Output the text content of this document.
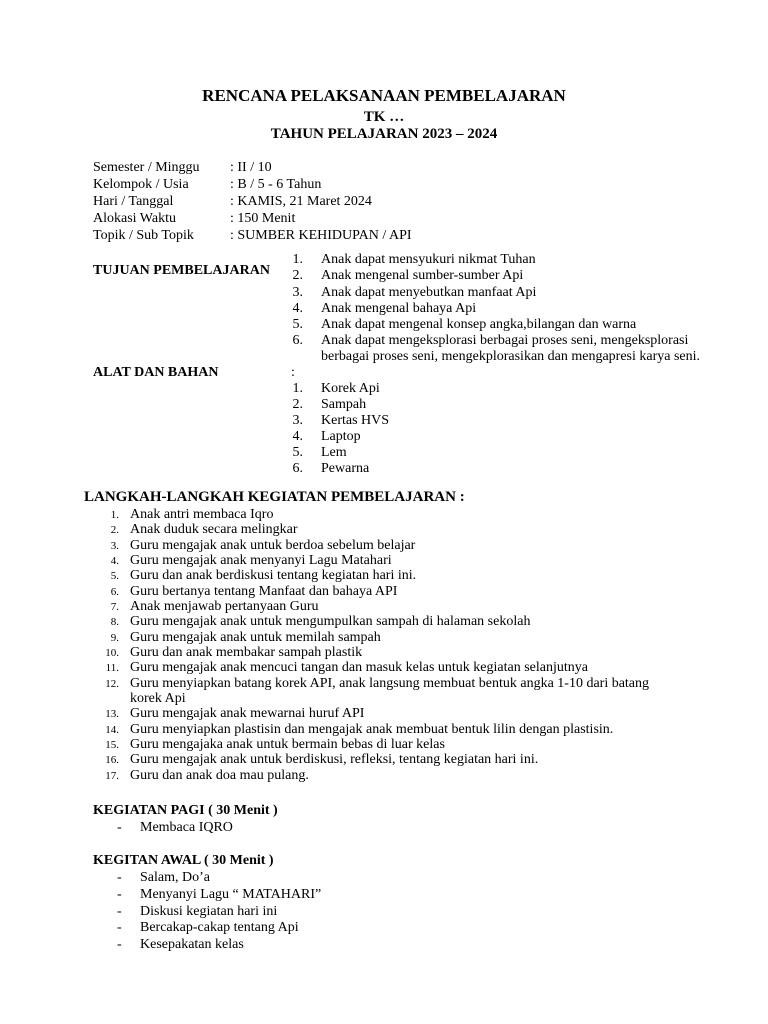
RENCANA PELAKSANAAN PEMBELAJARAN
TK …
TAHUN PELAJARAN 2023 – 2024
Semester / Minggu : II / 10
Kelompok / Usia	: B / 5 - 6 Tahun
Hari / Tanggal	: KAMIS, 21 Maret 2024
Alokasi Waktu	: 150 Menit
Topik / Sub Topik	: SUMBER KEHIDUPAN / API
TUJUAN PEMBELAJARAN
1. Anak dapat mensyukuri nikmat Tuhan
2. Anak mengenal sumber-sumber Api
3. Anak dapat menyebutkan manfaat Api
4. Anak mengenal bahaya Api
5. Anak dapat mengenal konsep angka,bilangan dan warna
6. Anak dapat mengeksplorasi berbagai proses seni, mengeksplorasi
berbagai proses seni, mengekplorasikan dan mengapresi karya seni.
ALAT DAN BAHAN	:
1. Korek Api
2. Sampah
3. Kertas HVS
4. Laptop
5. Lem
6. Pewarna
LANGKAH-LANGKAH KEGIATAN PEMBELAJARAN :
1. Anak antri membaca Iqro
2. Anak duduk secara melingkar
3. Guru mengajak anak untuk berdoa sebelum belajar
4. Guru mengajak anak menyanyi Lagu Matahari
5. Guru dan anak berdiskusi tentang kegiatan hari ini.
6. Guru bertanya tentang Manfaat dan bahaya API
7. Anak menjawab pertanyaan Guru
8. Guru mengajak anak untuk mengumpulkan sampah di halaman sekolah
9. Guru mengajak anak untuk memilah sampah
10. Guru dan anak membakar sampah plastik
11. Guru mengajak anak mencuci tangan dan masuk kelas untuk kegiatan selanjutnya
12. Guru menyiapkan batang korek API, anak langsung membuat bentuk angka 1-10 dari batang
korek Api
13. Guru mengajak anak mewarnai huruf API
14. Guru menyiapkan plastisin dan mengajak anak membuat bentuk lilin dengan plastisin.
15. Guru mengajaka anak untuk bermain bebas di luar kelas
16. Guru mengajak anak untuk berdiskusi, refleksi, tentang kegiatan hari ini.
17. Guru dan anak doa mau pulang.
KEGIATAN PAGI ( 30 Menit )
- Membaca IQRO
KEGITAN AWAL ( 30 Menit )
- Salam, Do’a
- Menyanyi Lagu “ MATAHARI”
- Diskusi kegiatan hari ini
- Bercakap-cakap tentang Api
- Kesepakatan kelas
